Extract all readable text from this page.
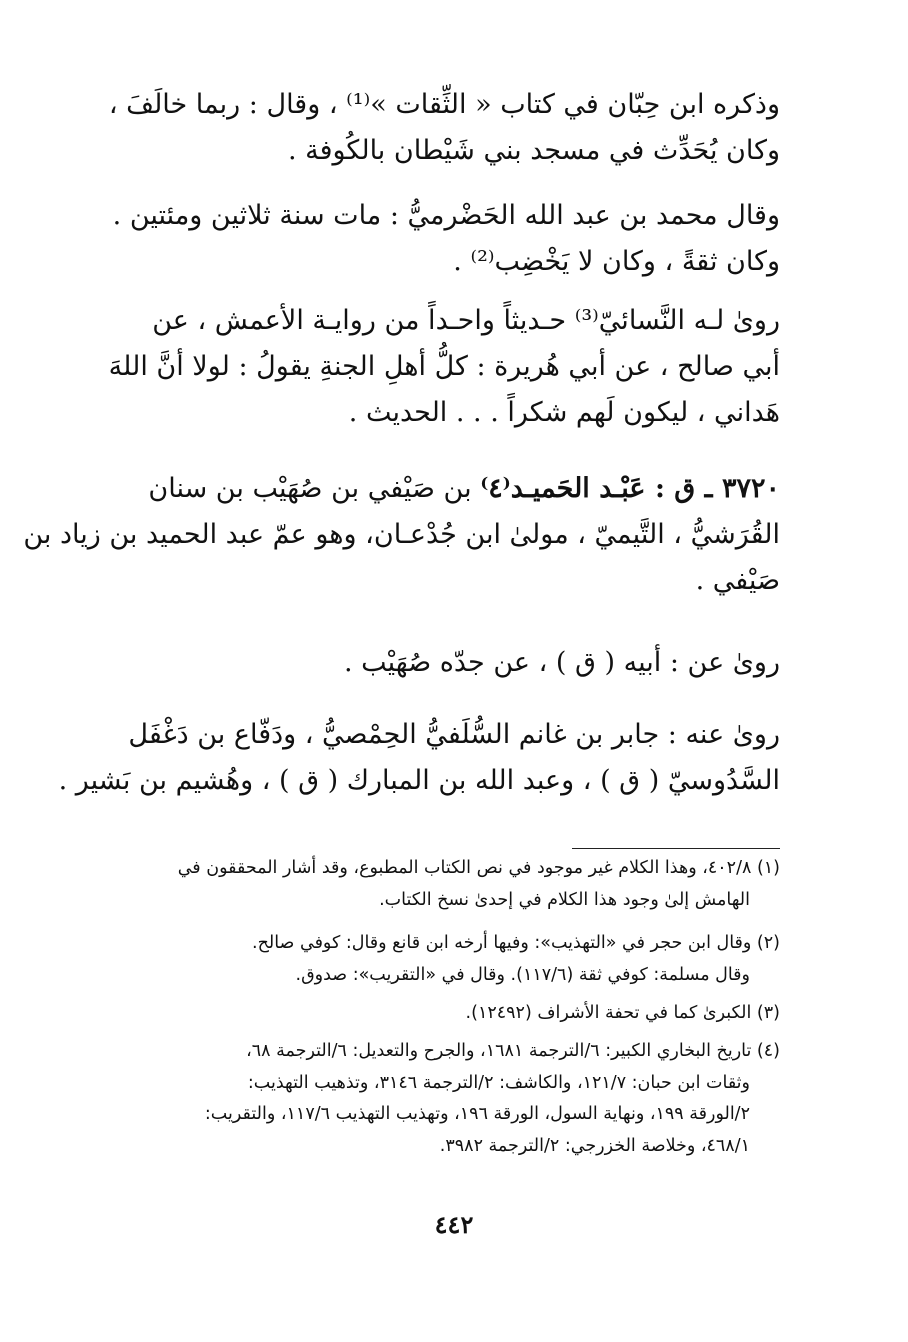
وذكره ابن حِبّان في كتاب « الثِّقات »⁽¹⁾ ، وقال : ربما خالَفَ ،
وكان يُحَدِّث في مسجد بني شَيْطان بالكُوفة .
وقال محمد بن عبد الله الحَضْرميُّ : مات سنة ثلاثين ومئتين .
وكان ثقةً ، وكان لا يَخْضِب⁽²⁾ .
روىٰ لـه النَّسائيّ⁽³⁾ حـديثاً واحـداً من روايـة الأعمش ، عن
أبي صالح ، عن أبي هُريرة : كلُّ أهلِ الجنةِ يقولُ : لولا أنَّ اللهَ
هَداني ، ليكون لَهم شكراً . . . الحديث .
٣٧٢٠ ـ ق : عَبْـد الحَميـد⁽٤⁾ بن صَيْفي بن صُهَيْب بن سنان
القُرَشيُّ ، التَّيميّ ، مولىٰ ابن جُدْعـان، وهو عمّ عبد الحميد بن زياد بن
صَيْفي .
روىٰ عن : أبيه ( ق ) ، عن جدّه صُهَيْب .
روىٰ عنه : جابر بن غانم السُّلَفيُّ الحِمْصيُّ ، ودَفّاع بن دَغْفَل
السَّدُوسيّ ( ق ) ، وعبد الله بن المبارك ( ق ) ، وهُشيم بن بَشير .
(١) ٤٠٢/٨، وهذا الكلام غير موجود في نص الكتاب المطبوع، وقد أشار المحققون في
الهامش إلىٰ وجود هذا الكلام في إحدىٰ نسخ الكتاب.
(٢) وقال ابن حجر في «التهذيب»: وفيها أرخه ابن قانع وقال: كوفي صالح.
وقال مسلمة: كوفي ثقة (١١٧/٦). وقال في «التقريب»: صدوق.
(٣) الكبرىٰ كما في تحفة الأشراف (١٢٤٩٢).
(٤) تاريخ البخاري الكبير: ٦/الترجمة ١٦٨١، والجرح والتعديل: ٦/الترجمة ٦٨،
وثقات ابن حبان: ١٢١/٧، والكاشف: ٢/الترجمة ٣١٤٦، وتذهيب التهذيب:
٢/الورقة ١٩٩، ونهاية السول، الورقة ١٩٦، وتهذيب التهذيب ١١٧/٦، والتقريب:
٤٦٨/١، وخلاصة الخزرجي: ٢/الترجمة ٣٩٨٢.
٤٤٢
